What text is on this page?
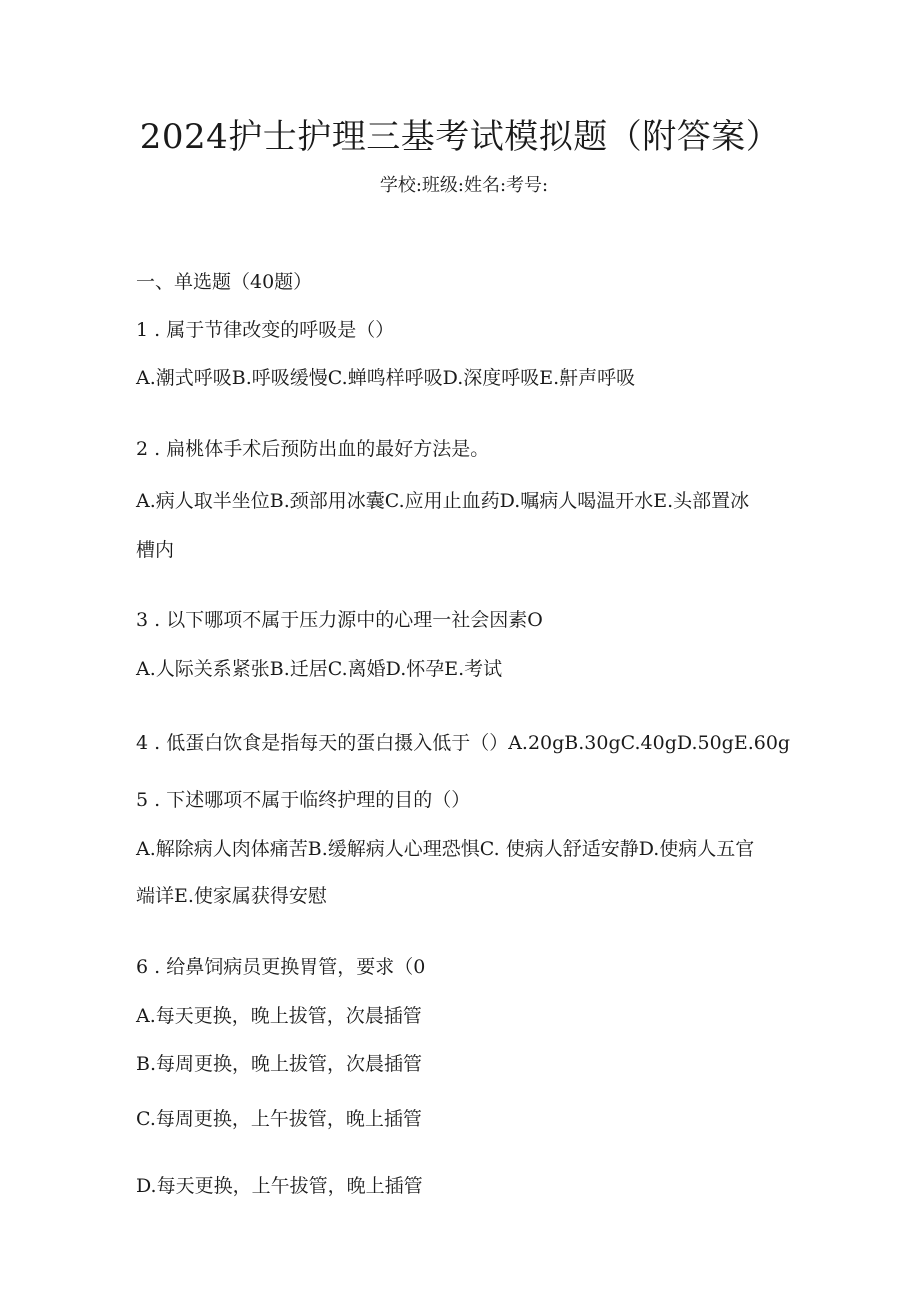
2024护士护理三基考试模拟题（附答案）
学校:班级:姓名:考号:
一、单选题（40题）
1 . 属于节律改变的呼吸是（）
A.潮式呼吸B.呼吸缓慢C.蝉鸣样呼吸D.深度呼吸E.鼾声呼吸
2 . 扁桃体手术后预防出血的最好方法是。
A.病人取半坐位B.颈部用冰囊C.应用止血药D.嘱病人喝温开水E.头部置冰
槽内
3 . 以下哪项不属于压力源中的心理一社会因素O
A.人际关系紧张B.迁居C.离婚D.怀孕E.考试
4 . 低蛋白饮食是指每天的蛋白摄入低于（）A.20gB.30gC.40gD.50gE.60g
5 . 下述哪项不属于临终护理的目的（）
A.解除病人肉体痛苦B.缓解病人心理恐惧C. 使病人舒适安静D.使病人五官
端详E.使家属获得安慰
6 . 给鼻饲病员更换胃管，要求（0
A.每天更换，晚上拔管，次晨插管
B.每周更换，晚上拔管，次晨插管
C.每周更换，上午拔管，晚上插管
D.每天更换，上午拔管，晚上插管
